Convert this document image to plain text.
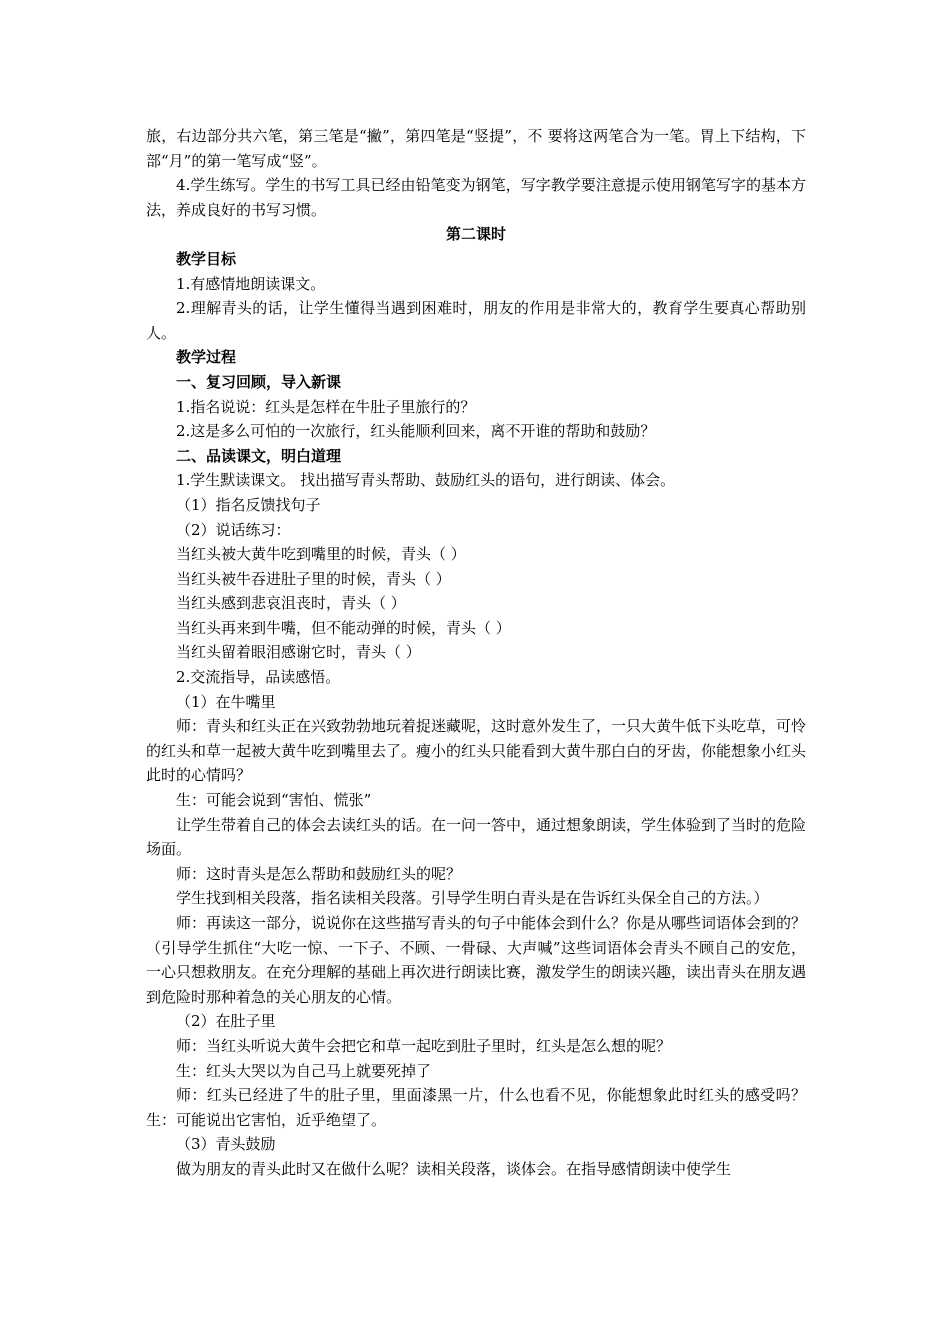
旅，右边部分共六笔，第三笔是“撇”，第四笔是“竖提”，不 要将这两笔合为一笔。胃上下结构，下部“月”的第一笔写成“竖”。

4.学生练写。学生的书写工具已经由铅笔变为钢笔，写字教学要注意提示使用钢笔写字的基本方法，养成良好的书写习惯。

第二课时

教学目标

1.有感情地朗读课文。

2.理解青头的话，让学生懂得当遇到困难时，朋友的作用是非常大的，教育学生要真心帮助别人。

教学过程

一、复习回顾，导入新课

1.指名说说：红头是怎样在牛肚子里旅行的？

2.这是多么可怕的一次旅行，红头能顺利回来，离不开谁的帮助和鼓励？

二、品读课文，明白道理

1.学生默读课文。 找出描写青头帮助、鼓励红头的语句，进行朗读、体会。

（1）指名反馈找句子

（2）说话练习：

当红头被大黄牛吃到嘴里的时候，青头（ ）

当红头被牛吞进肚子里的时候，青头（ ）

当红头感到悲哀沮丧时，青头（ ）

当红头再来到牛嘴，但不能动弹的时候，青头（ ）

当红头留着眼泪感谢它时，青头（ ）

2.交流指导，品读感悟。

（1）在牛嘴里

师：青头和红头正在兴致勃勃地玩着捉迷藏呢，这时意外发生了，一只大黄牛低下头吃草，可怜的红头和草一起被大黄牛吃到嘴里去了。瘦小的红头只能看到大黄牛那白白的牙齿，你能想象小红头此时的心情吗？

生：可能会说到“害怕、慌张”

让学生带着自己的体会去读红头的话。在一问一答中，通过想象朗读，学生体验到了当时的危险场面。

师：这时青头是怎么帮助和鼓励红头的呢？

学生找到相关段落，指名读相关段落。引导学生明白青头是在告诉红头保全自己的方法。）

师：再读这一部分，说说你在这些描写青头的句子中能体会到什么？你是从哪些词语体会到的？（引导学生抓住“大吃一惊、一下子、不顾、一骨碌、大声喊”这些词语体会青头不顾自己的安危，一心只想救朋友。在充分理解的基础上再次进行朗读比赛，激发学生的朗读兴趣，读出青头在朋友遇到危险时那种着急的关心朋友的心情。

（2）在肚子里

师：当红头听说大黄牛会把它和草一起吃到肚子里时，红头是怎么想的呢？

生：红头大哭以为自己马上就要死掉了

师：红头已经进了牛的肚子里，里面漆黑一片，什么也看不见，你能想象此时红头的感受吗？生：可能说出它害怕，近乎绝望了。

（3）青头鼓励

做为朋友的青头此时又在做什么呢？读相关段落，谈体会。在指导感情朗读中使学生
